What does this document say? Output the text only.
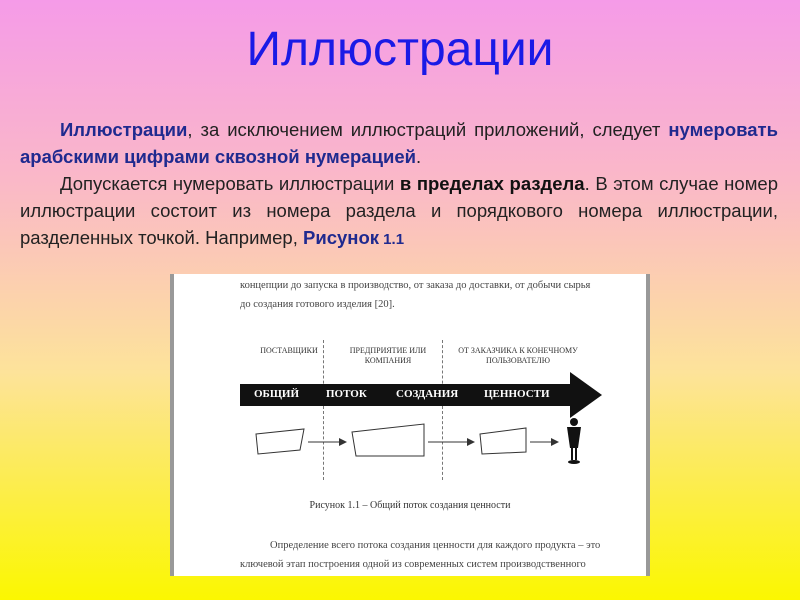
Иллюстрации

Иллюстрации, за исключением иллюстраций приложений, следует нумеровать арабскими цифрами сквозной нумерацией.

Допускается нумеровать иллюстрации в пределах раздела. В этом случае номер иллюстрации состоит из номера раздела и порядкового номера иллюстрации, разделенных точкой. Например, Рисунок 1.1

концепции до запуска в производство, от заказа до доставки, от добычи сырья
до создания готового изделия [20].
ПОСТАВЩИКИ	ПРЕДПРИЯТИЕ ИЛИ КОМПАНИЯ
ОТ ЗАКАЗЧИКА К КОНЕЧНОМУ ПОЛЬЗОВАТЕЛЮ
ОБЩИЙ ПОТОК	СОЗДАНИЯ ЦЕННОСТИ
Рисунок 1.1 – Общий поток создания ценности
Определение всего потока создания ценности для каждого продукта – это
ключевой этап построения одной из современных систем производственного
